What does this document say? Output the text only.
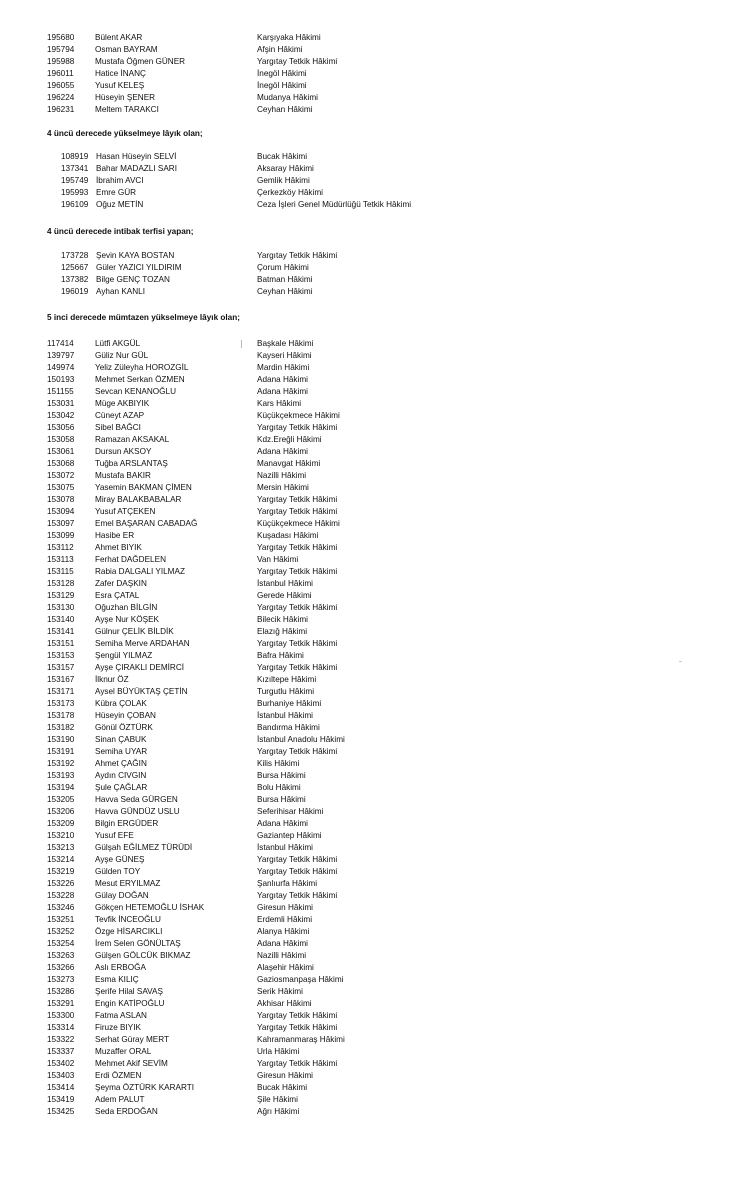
195680	Bülent AKAR	Karşıyaka Hâkimi
195794	Osman BAYRAM	Afşin Hâkimi
195988	Mustafa Öğmen GÜNER	Yargıtay Tetkik Hâkimi
196011	Hatice İNANÇ	İnegöl Hâkimi
196055	Yusuf KELEŞ	İnegöl Hâkimi
196224	Hüseyin ŞENER	Mudanya Hâkimi
196231	Meltem TARAKCI	Ceyhan Hâkimi
4 üncü derecede yükselmeye lâyık olan;
108919 Hasan Hüseyin SELVİ	Bucak Hâkimi
137341 Bahar MADAZLI SARI	Aksaray Hâkimi
195749 İbrahim AVCI	Gemlik Hâkimi
195993 Emre GÜR	Çerkezköy Hâkimi
196109 Oğuz METİN	Ceza İşleri Genel Müdürlüğü Tetkik Hâkimi
4 üncü derecede intibak terfisi yapan;
173728 Şevin KAYA BOSTAN	Yargıtay Tetkik Hâkimi
125667 Güler YAZICI YILDIRIM	Çorum Hâkimi
137382 Bilge GENÇ TOZAN	Batman Hâkimi
196019 Ayhan KANLI	Ceyhan Hâkimi
5 inci derecede mümtazen yükselmeye lâyık olan;
117414	Lütfi AKGÜL	Başkale Hâkimi
139797	Güliz Nur GÜL	Kayseri Hâkimi
149974	Yeliz Züleyha HOROZGİL	Mardin Hâkimi
150193	Mehmet Serkan ÖZMEN	Adana Hâkimi
151155	Sevcan KENANOĞLU	Adana Hâkimi
153031	Müge AKBIYIK	Kars Hâkimi
153042	Cüneyt AZAP	Küçükçekmece Hâkimi
153056	Sibel BAĞCI	Yargıtay Tetkik Hâkimi
153058	Ramazan AKSAKAL	Kdz.Ereğli Hâkimi
153061	Dursun AKSOY	Adana Hâkimi
153068	Tuğba ARSLANTAŞ	Manavgat Hâkimi
153072	Mustafa BAKIR	Nazilli Hâkimi
153075	Yasemin BAKMAN ÇİMEN	Mersin Hâkimi
153078	Miray BALAKBABALAR	Yargıtay Tetkik Hâkimi
153094	Yusuf ATÇEKEN	Yargıtay Tetkik Hâkimi
153097	Emel BAŞARAN CABADAĞ	Küçükçekmece Hâkimi
153099	Hasibe ER	Kuşadası Hâkimi
153112	Ahmet BIYIK	Yargıtay Tetkik Hâkimi
153113	Ferhat DAĞDELEN	Van Hâkimi
153115	Rabia DALGALI YILMAZ	Yargıtay Tetkik Hâkimi
153128	Zafer DAŞKIN	İstanbul Hâkimi
153129	Esra ÇATAL	Gerede Hâkimi
153130	Oğuzhan BİLGİN	Yargıtay Tetkik Hâkimi
153140	Ayşe Nur KÖŞEK	Bilecik Hâkimi
153141	Gülnur ÇELİK BİLDİK	Elazığ Hâkimi
153151	Semiha Merve ARDAHAN	Yargıtay Tetkik Hâkimi
153153	Şengül YILMAZ	Bafra Hâkimi
153157	Ayşe ÇIRAKLI DEMİRCİ	Yargıtay Tetkik Hâkimi
153167	İlknur ÖZ	Kızıltepe Hâkimi
153171	Aysel BÜYÜKTAŞ ÇETİN	Turgutlu Hâkimi
153173	Kübra ÇOLAK	Burhaniye Hâkimi
153178	Hüseyin ÇOBAN	İstanbul Hâkimi
153182	Gönül ÖZTÜRK	Bandırma Hâkimi
153190	Sinan ÇABUK	İstanbul Anadolu Hâkimi
153191	Semiha UYAR	Yargıtay Tetkik Hâkimi
153192	Ahmet ÇAĞIN	Kilis Hâkimi
153193	Aydın CIVGIN	Bursa Hâkimi
153194	Şule ÇAĞLAR	Bolu Hâkimi
153205	Havva Seda GÜRGEN	Bursa Hâkimi
153206	Havva GÜNDÜZ USLU	Seferihisar Hâkimi
153209	Bilgin ERGÜDER	Adana Hâkimi
153210	Yusuf EFE	Gaziantep Hâkimi
153213	Gülşah EĞİLMEZ TÜRÜDİ	İstanbul Hâkimi
153214	Ayşe GÜNEŞ	Yargıtay Tetkik Hâkimi
153219	Gülden TOY	Yargıtay Tetkik Hâkimi
153226	Mesut ERYILMAZ	Şanlıurfa Hâkimi
153228	Gülay DOĞAN	Yargıtay Tetkik Hâkimi
153246	Gökçen HETEMOĞLU İSHAK	Giresun Hâkimi
153251	Tevfik İNCEOĞLU	Erdemli Hâkimi
153252	Özge HİSARCIKLI	Alanya Hâkimi
153254	İrem Selen GÖNÜLTAŞ	Adana Hâkimi
153263	Gülşen GÖLCÜK BIKMAZ	Nazilli Hâkimi
153266	Aslı ERBOĞA	Alaşehir Hâkimi
153273	Esma KILIÇ	Gaziosmanpaşa Hâkimi
153286	Şerife Hilal SAVAŞ	Serik Hâkimi
153291	Engin KATİPOĞLU	Akhisar Hâkimi
153300	Fatma ASLAN	Yargıtay Tetkik Hâkimi
153314	Firuze BIYIK	Yargıtay Tetkik Hâkimi
153322	Serhat Güray MERT	Kahramanmaraş Hâkimi
153337	Muzaffer ORAL	Urla Hâkimi
153402	Mehmet Akif SEVİM	Yargıtay Tetkik Hâkimi
153403	Erdi ÖZMEN	Giresun Hâkimi
153414	Şeyma ÖZTÜRK KARARTI	Bucak Hâkimi
153419	Adem PALUT	Şile Hâkimi
153425	Seda ERDOĞAN	Ağrı Hâkimi
